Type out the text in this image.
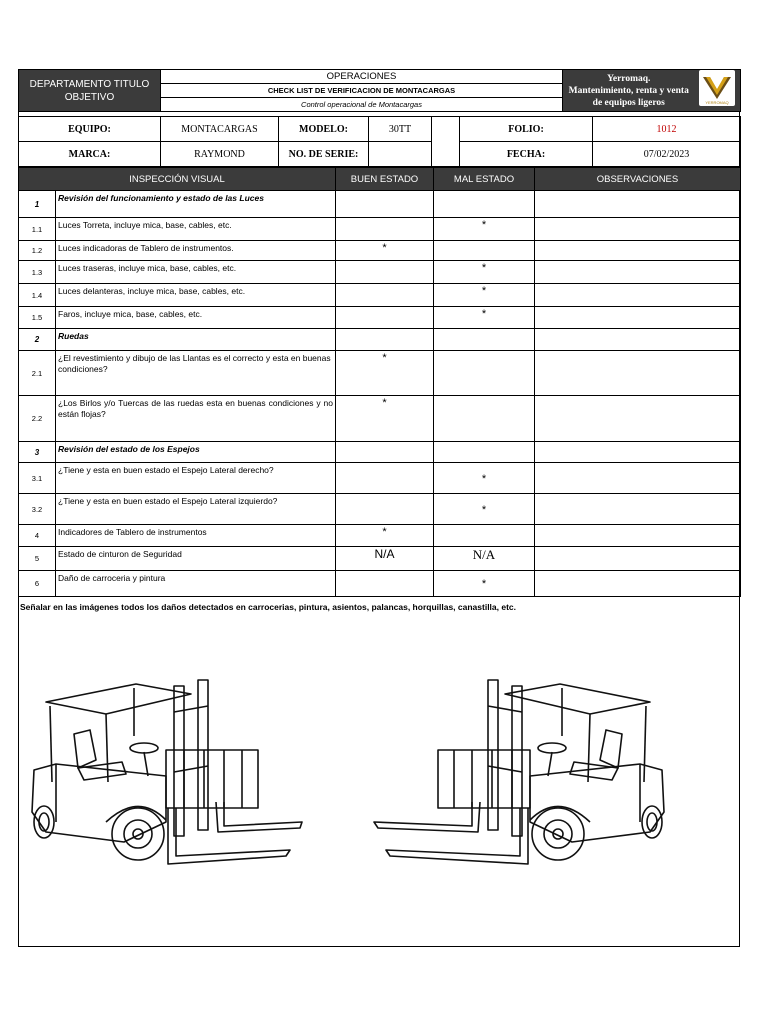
DEPARTAMENTO TITULO OBJETIVO	OPERACIONES	Yerromaq.
Mantenimiento, renta y venta de equipos ligeros	YERROMAQ

CHECK LIST DE VERIFICACION DE MONTACARGAS
Control operacional de Montacargas
EQUIPO:	MONTACARGAS	MODELO:	30TT		FOLIO:	1012
MARCA:	RAYMOND	NO. DE SERIE:			FECHA:	07/02/2023
INSPECCIÓN VISUAL		BUEN ESTADO	MAL ESTADO	OBSERVACIONES
1	Revisión del funcionamiento y estado de las Luces			
1.1	Luces Torreta, incluye mica, base, cables, etc.		*	
1.2	Luces indicadoras de Tablero de instrumentos.	*		
1.3	Luces traseras, incluye mica, base, cables, etc.		*	
1.4	Luces delanteras, incluye mica, base, cables, etc.		*	
1.5	Faros, incluye mica, base, cables, etc.		*	
2	Ruedas			
2.1	¿El revestimiento y dibujo de las Llantas es el correcto y esta en buenas condiciones?	*		
2.2	¿Los Birlos y/o Tuercas de las ruedas esta en buenas condiciones y no están flojas?	*		
3	Revisión del estado de los Espejos			
3.1	¿Tiene y esta en buen estado el Espejo Lateral derecho?		*	
3.2	¿Tiene y esta en buen estado el Espejo Lateral izquierdo?		*	
4	Indicadores de Tablero de instrumentos	*		
5	Estado de cinturon de Seguridad	N/A	N/A	
6	Daño de carroceria y pintura		*	
Señalar en las imágenes todos los daños detectados en carrocerias, pintura, asientos, palancas, horquillas, canastilla, etc.
